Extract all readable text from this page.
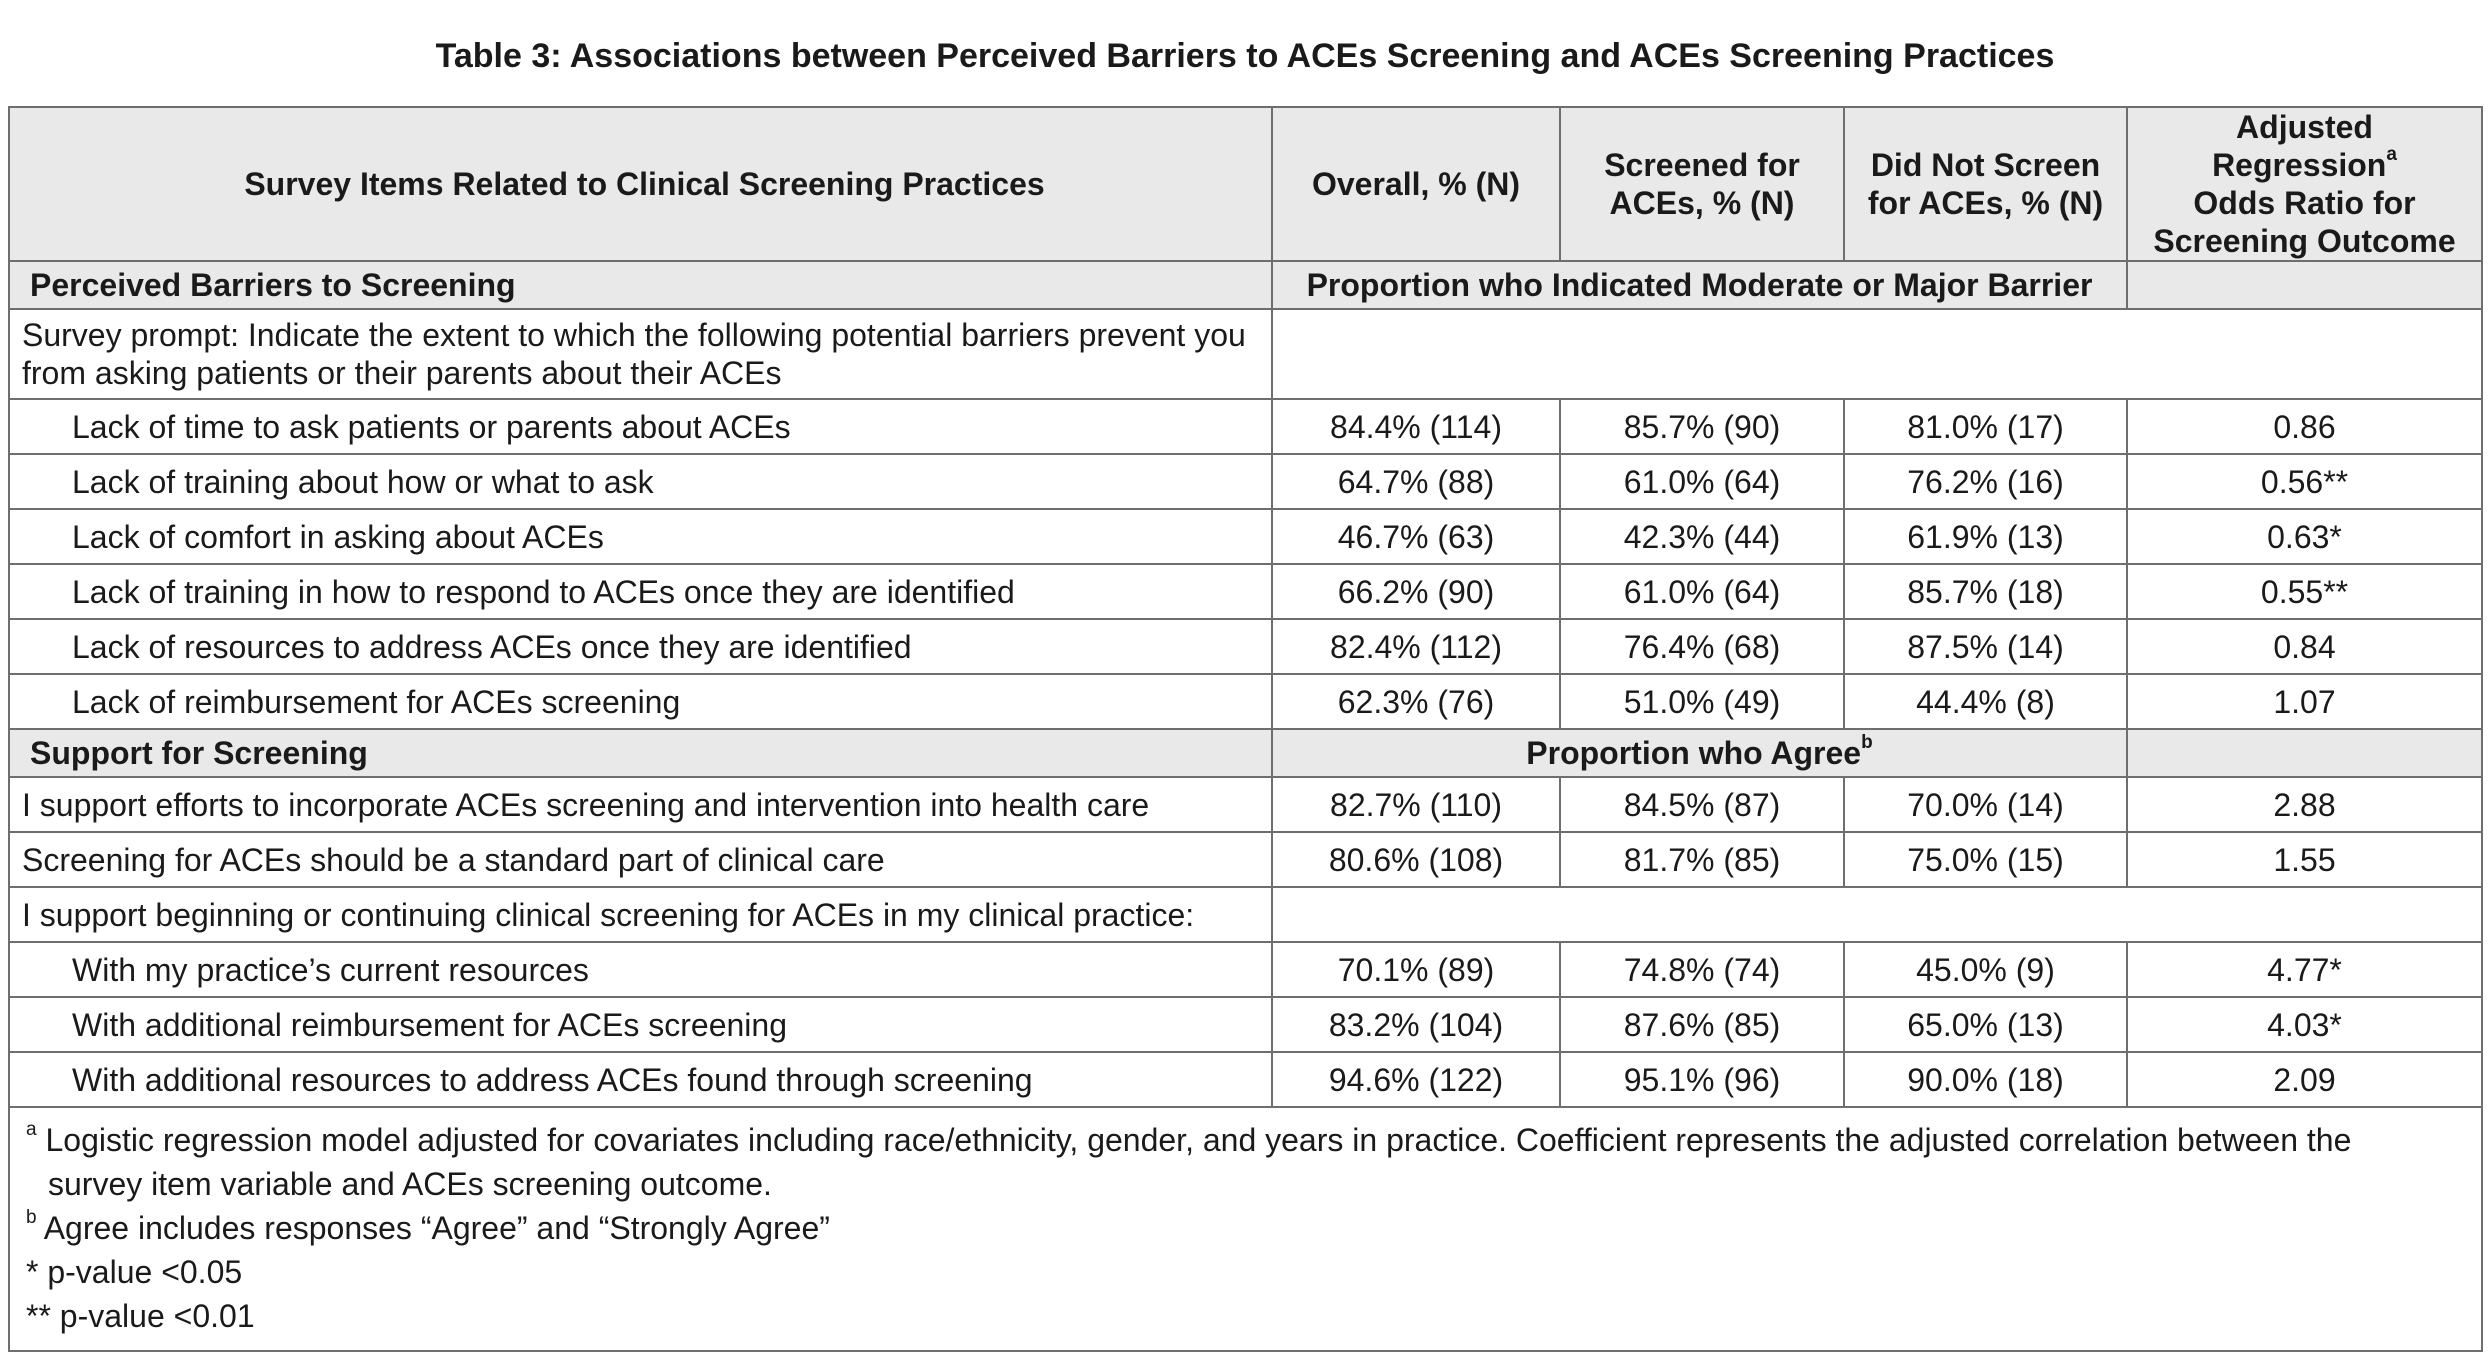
Table 3: Associations between Perceived Barriers to ACEs Screening and ACEs Screening Practices
Survey Items Related to Clinical Screening Practices	Overall, % (N)	Screened for ACEs, % (N)	Did Not Screen for ACEs, % (N)	Adjusted Regression$^a$
Odds Ratio for Screening Outcome
Perceived Barriers to Screening	Proportion who Indicated Moderate or Major Barrier			
Survey prompt: Indicate the extent to which the following potential barriers prevent you from asking patients or their parents about their ACEs				
Lack of time to ask patients or parents about ACEs	84.4% (114)	85.7% (90)	81.0% (17)	0.86
Lack of training about how or what to ask	64.7% (88)	61.0% (64)	76.2% (16)	0.56**
Lack of comfort in asking about ACEs	46.7% (63)	42.3% (44)	61.9% (13)	0.63*
Lack of training in how to respond to ACEs once they are identified	66.2% (90)	61.0% (64)	85.7% (18)	0.55**
Lack of resources to address ACEs once they are identified	82.4% (112)	76.4% (68)	87.5% (14)	0.84
Lack of reimbursement for ACEs screening	62.3% (76)	51.0% (49)	44.4% (8)	1.07
Support for Screening	Proportion who Agree$^b$	
I support efforts to incorporate ACEs screening and intervention into health care	82.7% (110)	84.5% (87)	70.0% (14)	2.88
Screening for ACEs should be a standard part of clinical care	80.6% (108)	81.7% (85)	75.0% (15)	1.55
I support beginning or continuing clinical screening for ACEs in my clinical practice:				
With my practice’s current resources	70.1% (89)	74.8% (74)	45.0% (9)	4.77*
With additional reimbursement for ACEs screening	83.2% (104)	87.6% (85)	65.0% (13)	4.03*
With additional resources to address ACEs found through screening	94.6% (122)	95.1% (96)	90.0% (18)	2.09

$^a$ Logistic regression model adjusted for covariates including race/ethnicity, gender, and years in practice. Coefficient represents the adjusted correlation between the
survey item variable and ACEs screening outcome.
$^b$ Agree includes responses “Agree” and “Strongly Agree”
* p-value <0.05
** p-value <0.01				
